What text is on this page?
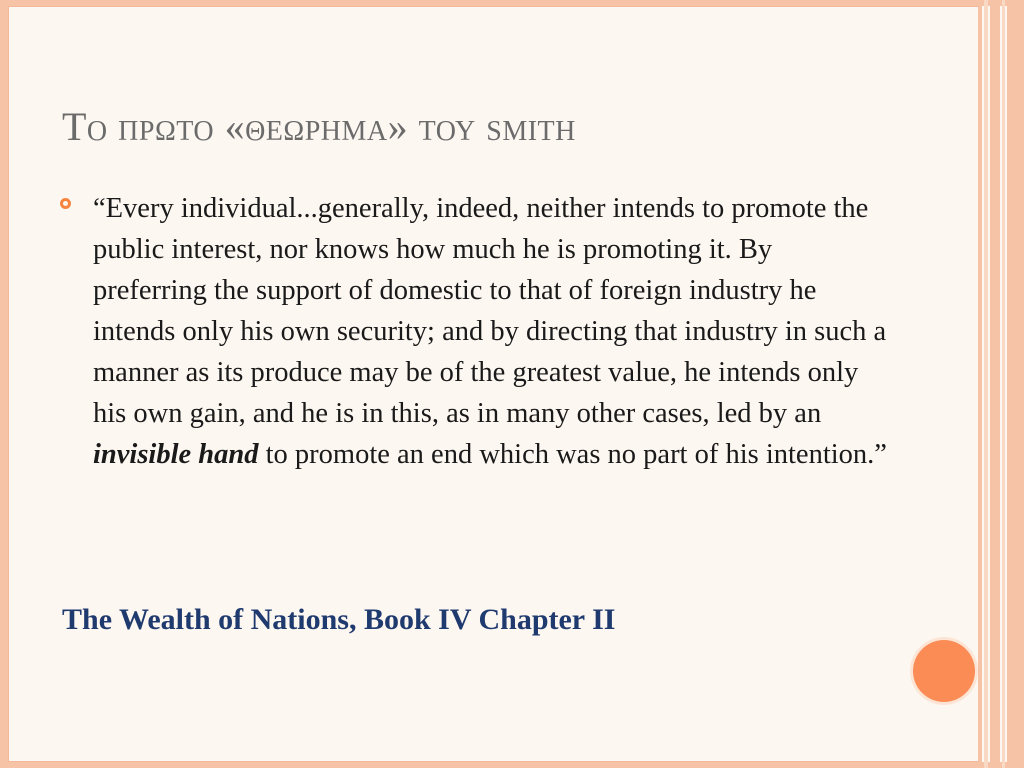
Το πρωτο «θεωρημα» του smith
“Every individual...generally, indeed, neither intends to promote the public interest, nor knows how much he is promoting it. By preferring the support of domestic to that of foreign industry he intends only his own security; and by directing that industry in such a manner as its produce may be of the greatest value, he intends only his own gain, and he is in this, as in many other cases, led by an invisible hand to promote an end which was no part of his intention.”
The Wealth of Nations, Book IV Chapter II
